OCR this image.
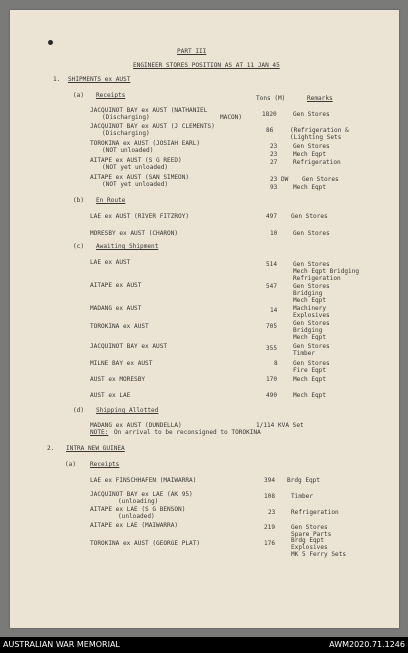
PART III
ENGINEER STORES POSITION AS AT 11 JAN 45
1. SHIPMENTS ex AUST
(a) Receipts	Tons (M)	Remarks
JACQUINOT BAY ex AUST (NATHANIEL
(Discharging)	MACON)	1820	Gen Stores
JACQUINOT BAY ex AUST (J CLEMENTS)
(Discharging)	86	(Refrigeration &
(Lighting Sets
TOROKINA ex AUST (JOSIAH EARL)
(NOT unloaded)
23	Gen Stores
23	Mech Eqpt
AITAPE ex AUST (S G REED)
(NOT yet unloaded)
27	Refrigeration
AITAPE ex AUST (SAN SIMEON)
(NOT yet unloaded)
23 DW Gen Stores
93	Mech Eqpt
(b) En Route
LAE ex AUST (RIVER FITZROY)	497 Gen Stores
MORESBY ex AUST (CHARON)	10	Gen Stores
(c) Awaiting Shipment
LAE ex AUST	514	Gen Stores
Mech Eqpt Bridging
Refrigeration
AITAPE ex AUST	547	Gen Stores
Bridging
Mech Eqpt
MADANG ex AUST	14	Machinery
Explosives
TOROKINA ex AUST	705	Gen Stores
Bridging
Mech Eqpt
JACQUINOT BAY ex AUST	355	Gen Stores
Timber
MILNE BAY ex AUST	8	Gen Stores
Fire Eqpt
AUST ex MORESBY	170	Mech Eqpt
AUST ex LAE	490	Mech Eqpt
(d) Shipping Allotted
MADANG ex AUST (DUNDELLA)	1/114 KVA Set
NOTE: On arrival to be reconsigned to TOROKINA
2. INTRA NEW GUINEA
(a) Receipts
LAE ex FINSCHHAFEN (MAIWARRA)	394 Brdg Eqpt
JACQUINOT BAY ex LAE (AK 95)
(unloading)
108	Timber
AITAPE ex LAE (S G BENSON)
(unloaded)
23	Refrigeration
AITAPE ex LAE (MAIWARRA)	219	Gen Stores
Spare Parts
TOROKINA ex AUST (GEORGE PLAT)	176	Brdg Eqpt
Explosives
MK 5 Ferry Sets
AUSTRALIAN WAR MEMORIAL	AWM2020.71.1246
